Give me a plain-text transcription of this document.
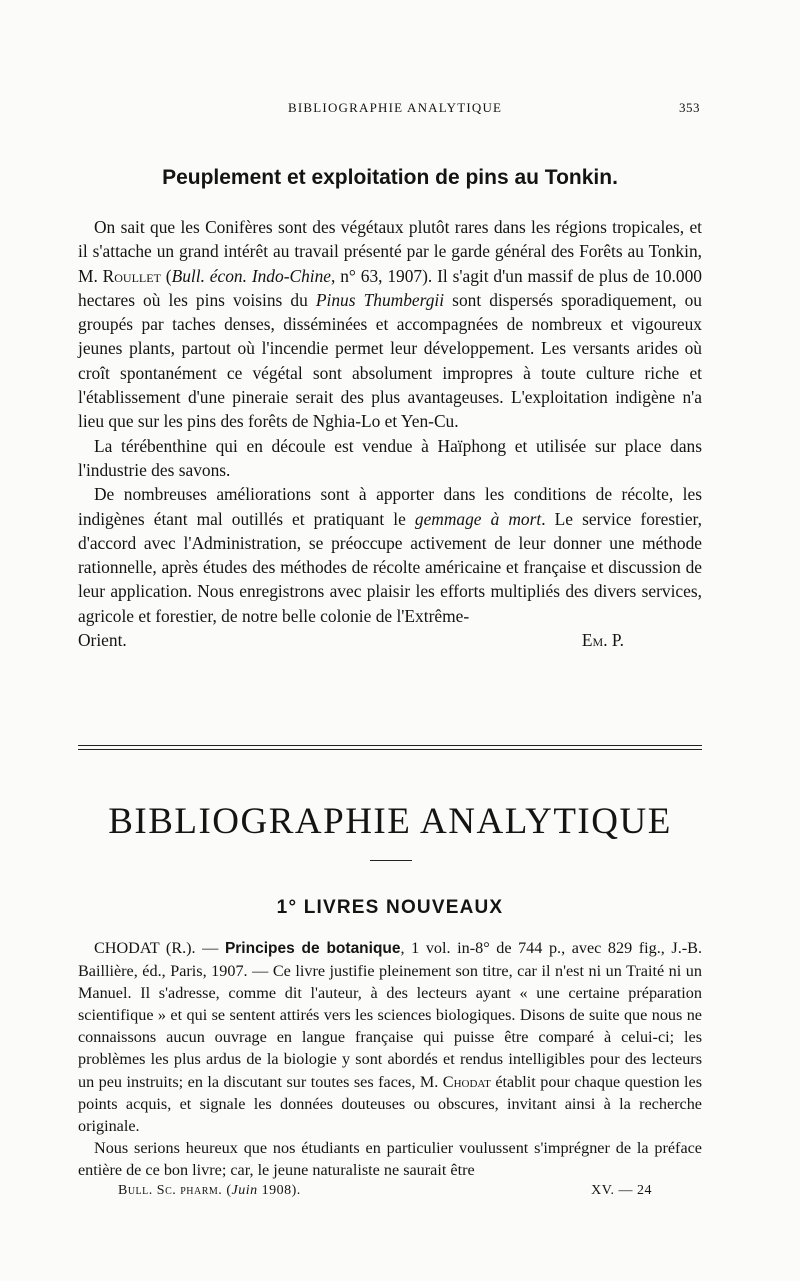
BIBLIOGRAPHIE ANALYTIQUE	353
Peuplement et exploitation de pins au Tonkin.

On sait que les Conifères sont des végétaux plutôt rares dans les régions tropicales, et il s'attache un grand intérêt au travail présenté par le garde général des Forêts au Tonkin, M. Roullet (Bull. écon. Indo-Chine, n° 63, 1907). Il s'agit d'un massif de plus de 10.000 hectares où les pins voisins du Pinus Thumbergii sont dispersés sporadiquement, ou groupés par taches denses, disséminées et accompagnées de nombreux et vigoureux jeunes plants, partout où l'incendie permet leur développement. Les versants arides où croît spontanément ce végétal sont absolument impropres à toute culture riche et l'établissement d'une pineraie serait des plus avantageuses. L'exploitation indigène n'a lieu que sur les pins des forêts de Nghia-Lo et Yen-Cu.

La térébenthine qui en découle est vendue à Haïphong et utilisée sur place dans l'industrie des savons.

De nombreuses améliorations sont à apporter dans les conditions de récolte, les indigènes étant mal outillés et pratiquant le gemmage à mort. Le service forestier, d'accord avec l'Administration, se préoccupe activement de leur donner une méthode rationnelle, après études des méthodes de récolte américaine et française et discussion de leur application. Nous enregistrons avec plaisir les efforts multipliés des divers services, agricole et forestier, de notre belle colonie de l'Extrême-

Orient.	Em. P.
BIBLIOGRAPHIE ANALYTIQUE
1° LIVRES NOUVEAUX

CHODAT (R.). — Principes de botanique, 1 vol. in-8° de 744 p., avec 829 fig., J.-B. Baillière, éd., Paris, 1907. — Ce livre justifie pleinement son titre, car il n'est ni un Traité ni un Manuel. Il s'adresse, comme dit l'auteur, à des lecteurs ayant « une certaine préparation scientifique » et qui se sentent attirés vers les sciences biologiques. Disons de suite que nous ne connaissons aucun ouvrage en langue française qui puisse être comparé à celui-ci; les problèmes les plus ardus de la biologie y sont abordés et rendus intelligibles pour des lecteurs un peu instruits; en la discutant sur toutes ses faces, M. Chodat établit pour chaque question les points acquis, et signale les données douteuses ou obscures, invitant ainsi à la recherche originale.

Nous serions heureux que nos étudiants en particulier voulussent s'imprégner de la préface entière de ce bon livre; car, le jeune naturaliste ne saurait être

Bull. Sc. pharm. (Juin 1908).	XV. — 24
